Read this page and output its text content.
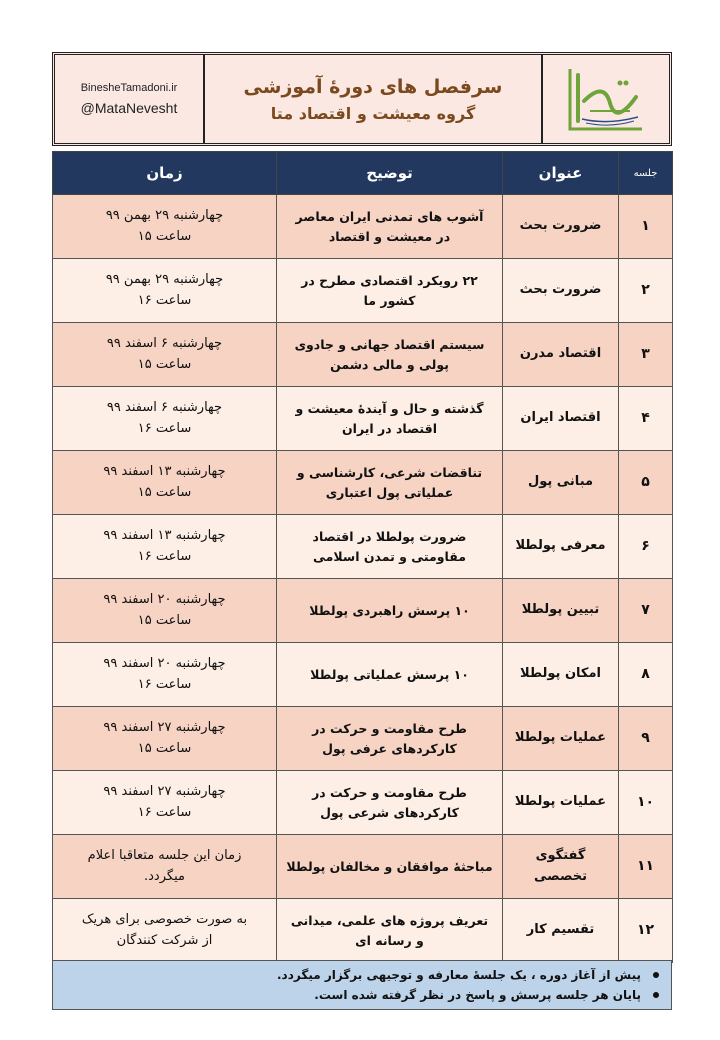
BinesheTamadoni.ir
@MataNevesht
سرفصل های دورۀ آموزشی
گروه معیشت و اقتصاد متا
جلسه	عنوان	توضیح	زمان
۱	ضرورت بحث	آشوب های تمدنی ایران معاصر
در معیشت و اقتصاد	چهارشنبه ۲۹ بهمن ۹۹
ساعت ۱۵

۲	ضرورت بحث	۲۲ رویکرد اقتصادی مطرح در
کشور ما	چهارشنبه ۲۹ بهمن ۹۹
ساعت ۱۶

۳	اقتصاد مدرن	سیستم اقتصاد جهانی و جادوی
پولی و مالی دشمن	چهارشنبه ۶ اسفند ۹۹
ساعت ۱۵

۴	اقتصاد ایران	گذشته و حال و آیندۀ معیشت و
اقتصاد در ایران	چهارشنبه ۶ اسفند ۹۹
ساعت ۱۶

۵	مبانی پول	تناقضات شرعی، کارشناسی و
عملیاتی پول اعتباری	چهارشنبه ۱۳ اسفند ۹۹
ساعت ۱۵

۶	معرفی پولطلا	ضرورت پولطلا در اقتصاد
مقاومتی و تمدن اسلامی	چهارشنبه ۱۳ اسفند ۹۹
ساعت ۱۶

۷	تبیین پولطلا	۱۰ پرسش راهبردی پولطلا	چهارشنبه ۲۰ اسفند ۹۹
ساعت ۱۵

۸	امکان پولطلا	۱۰ پرسش عملیاتی پولطلا	چهارشنبه ۲۰ اسفند ۹۹
ساعت ۱۶

۹	عملیات پولطلا	طرح مقاومت و حرکت در
کارکردهای عرفی پول	چهارشنبه ۲۷ اسفند ۹۹
ساعت ۱۵

۱۰	عملیات پولطلا	طرح مقاومت و حرکت در
کارکردهای شرعی پول	چهارشنبه ۲۷ اسفند ۹۹
ساعت ۱۶

۱۱	گفتگوی تخصصی	مباحثۀ موافقان و مخالفان پولطلا	زمان این جلسه متعاقبا اعلام
میگردد.

۱۲	تقسیم کار	تعریف پروژه های علمی، میدانی
و رسانه ای	به صورت خصوصی برای هریک
از شرکت کنندگان
پیش از آغاز دوره ، یک جلسۀ معارفه و توجیهی برگزار میگردد.
پایان هر جلسه پرسش و پاسخ در نظر گرفته شده است.
